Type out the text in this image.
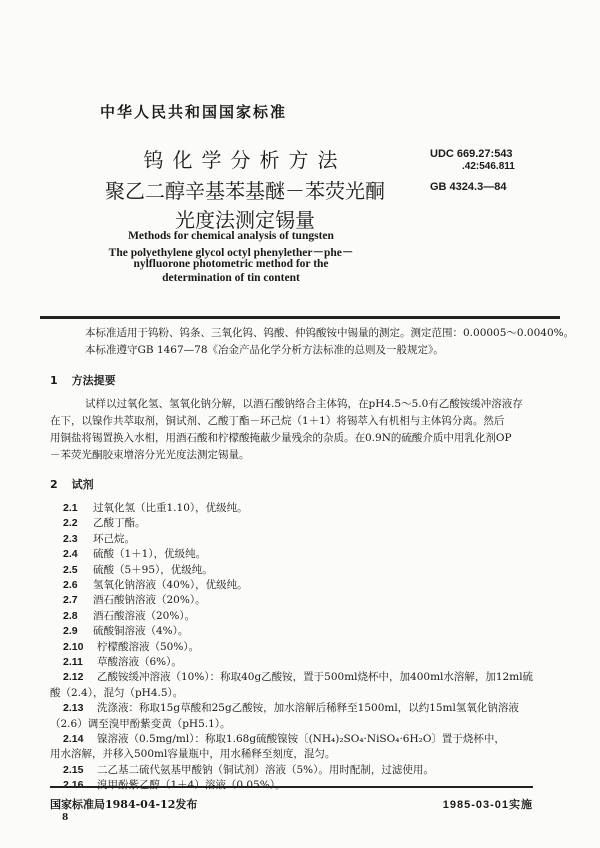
中华人民共和国国家标准
钨化学分析方法
聚乙二醇辛基苯基醚－苯荧光酮
光度法测定锡量
UDC 669.27:543
.42:546.811
GB 4324.3—84
Methods for chemical analysis of tungsten
The polyethylene glycol octyl phenylether－phe－
nylfluorone photometric method for the
determination of tin content
本标准适用于钨粉、钨条、三氧化钨、钨酸、仲钨酸铵中锡量的测定。测定范围：0.00005～0.0040%。
本标准遵守GB 1467—78《冶金产品化学分析方法标准的总则及一般规定》。
1 方法提要
试样以过氧化氢、氢氧化钠分解，以酒石酸钠络合主体钨，在pH4.5～5.0有乙酸铵缓冲溶液存
在下，以镍作共萃取剂，铜试剂、乙酸丁酯－环己烷（1＋1）将锡萃入有机相与主体钨分离。然后
用铜盐将锡置换入水相，用酒石酸和柠檬酸掩蔽少量残余的杂质。在0.9N的硫酸介质中用乳化剂OP
－苯荧光酮胶束增溶分光光度法测定锡量。
2 试剂
2.1 过氧化氢（比重1.10），优级纯。
2.2 乙酸丁酯。
2.3 环己烷。
2.4 硫酸（1＋1），优级纯。
2.5 硫酸（5＋95），优级纯。
2.6 氢氧化钠溶液（40%），优级纯。
2.7 酒石酸钠溶液（20%）。
2.8 酒石酸溶液（20%）。
2.9 硫酸铜溶液（4%）。
2.10 柠檬酸溶液（50%）。
2.11 草酸溶液（6%）。
2.12 乙酸铵缓冲溶液（10%）：称取40g乙酸铵，置于500ml烧杯中，加400ml水溶解，加12ml硫
酸（2.4），混匀（pH4.5）。
2.13 洗涤液：称取15g草酸和25g乙酸铵，加水溶解后稀释至1500ml，以约15ml氢氧化钠溶液
（2.6）调至溴甲酚紫变黄（pH5.1）。
2.14 镍溶液（0.5mg/ml）：称取1.68g硫酸镍铵〔(NH₄)₂SO₄·NiSO₄·6H₂O〕置于烧杯中，
用水溶解，并移入500ml容量瓶中，用水稀释至刻度，混匀。
2.15 二乙基二硫代氨基甲酸钠（铜试剂）溶液（5%）。用时配制，过滤使用。
国家标准局1984-04-12发布	1985-03-01实施
8
